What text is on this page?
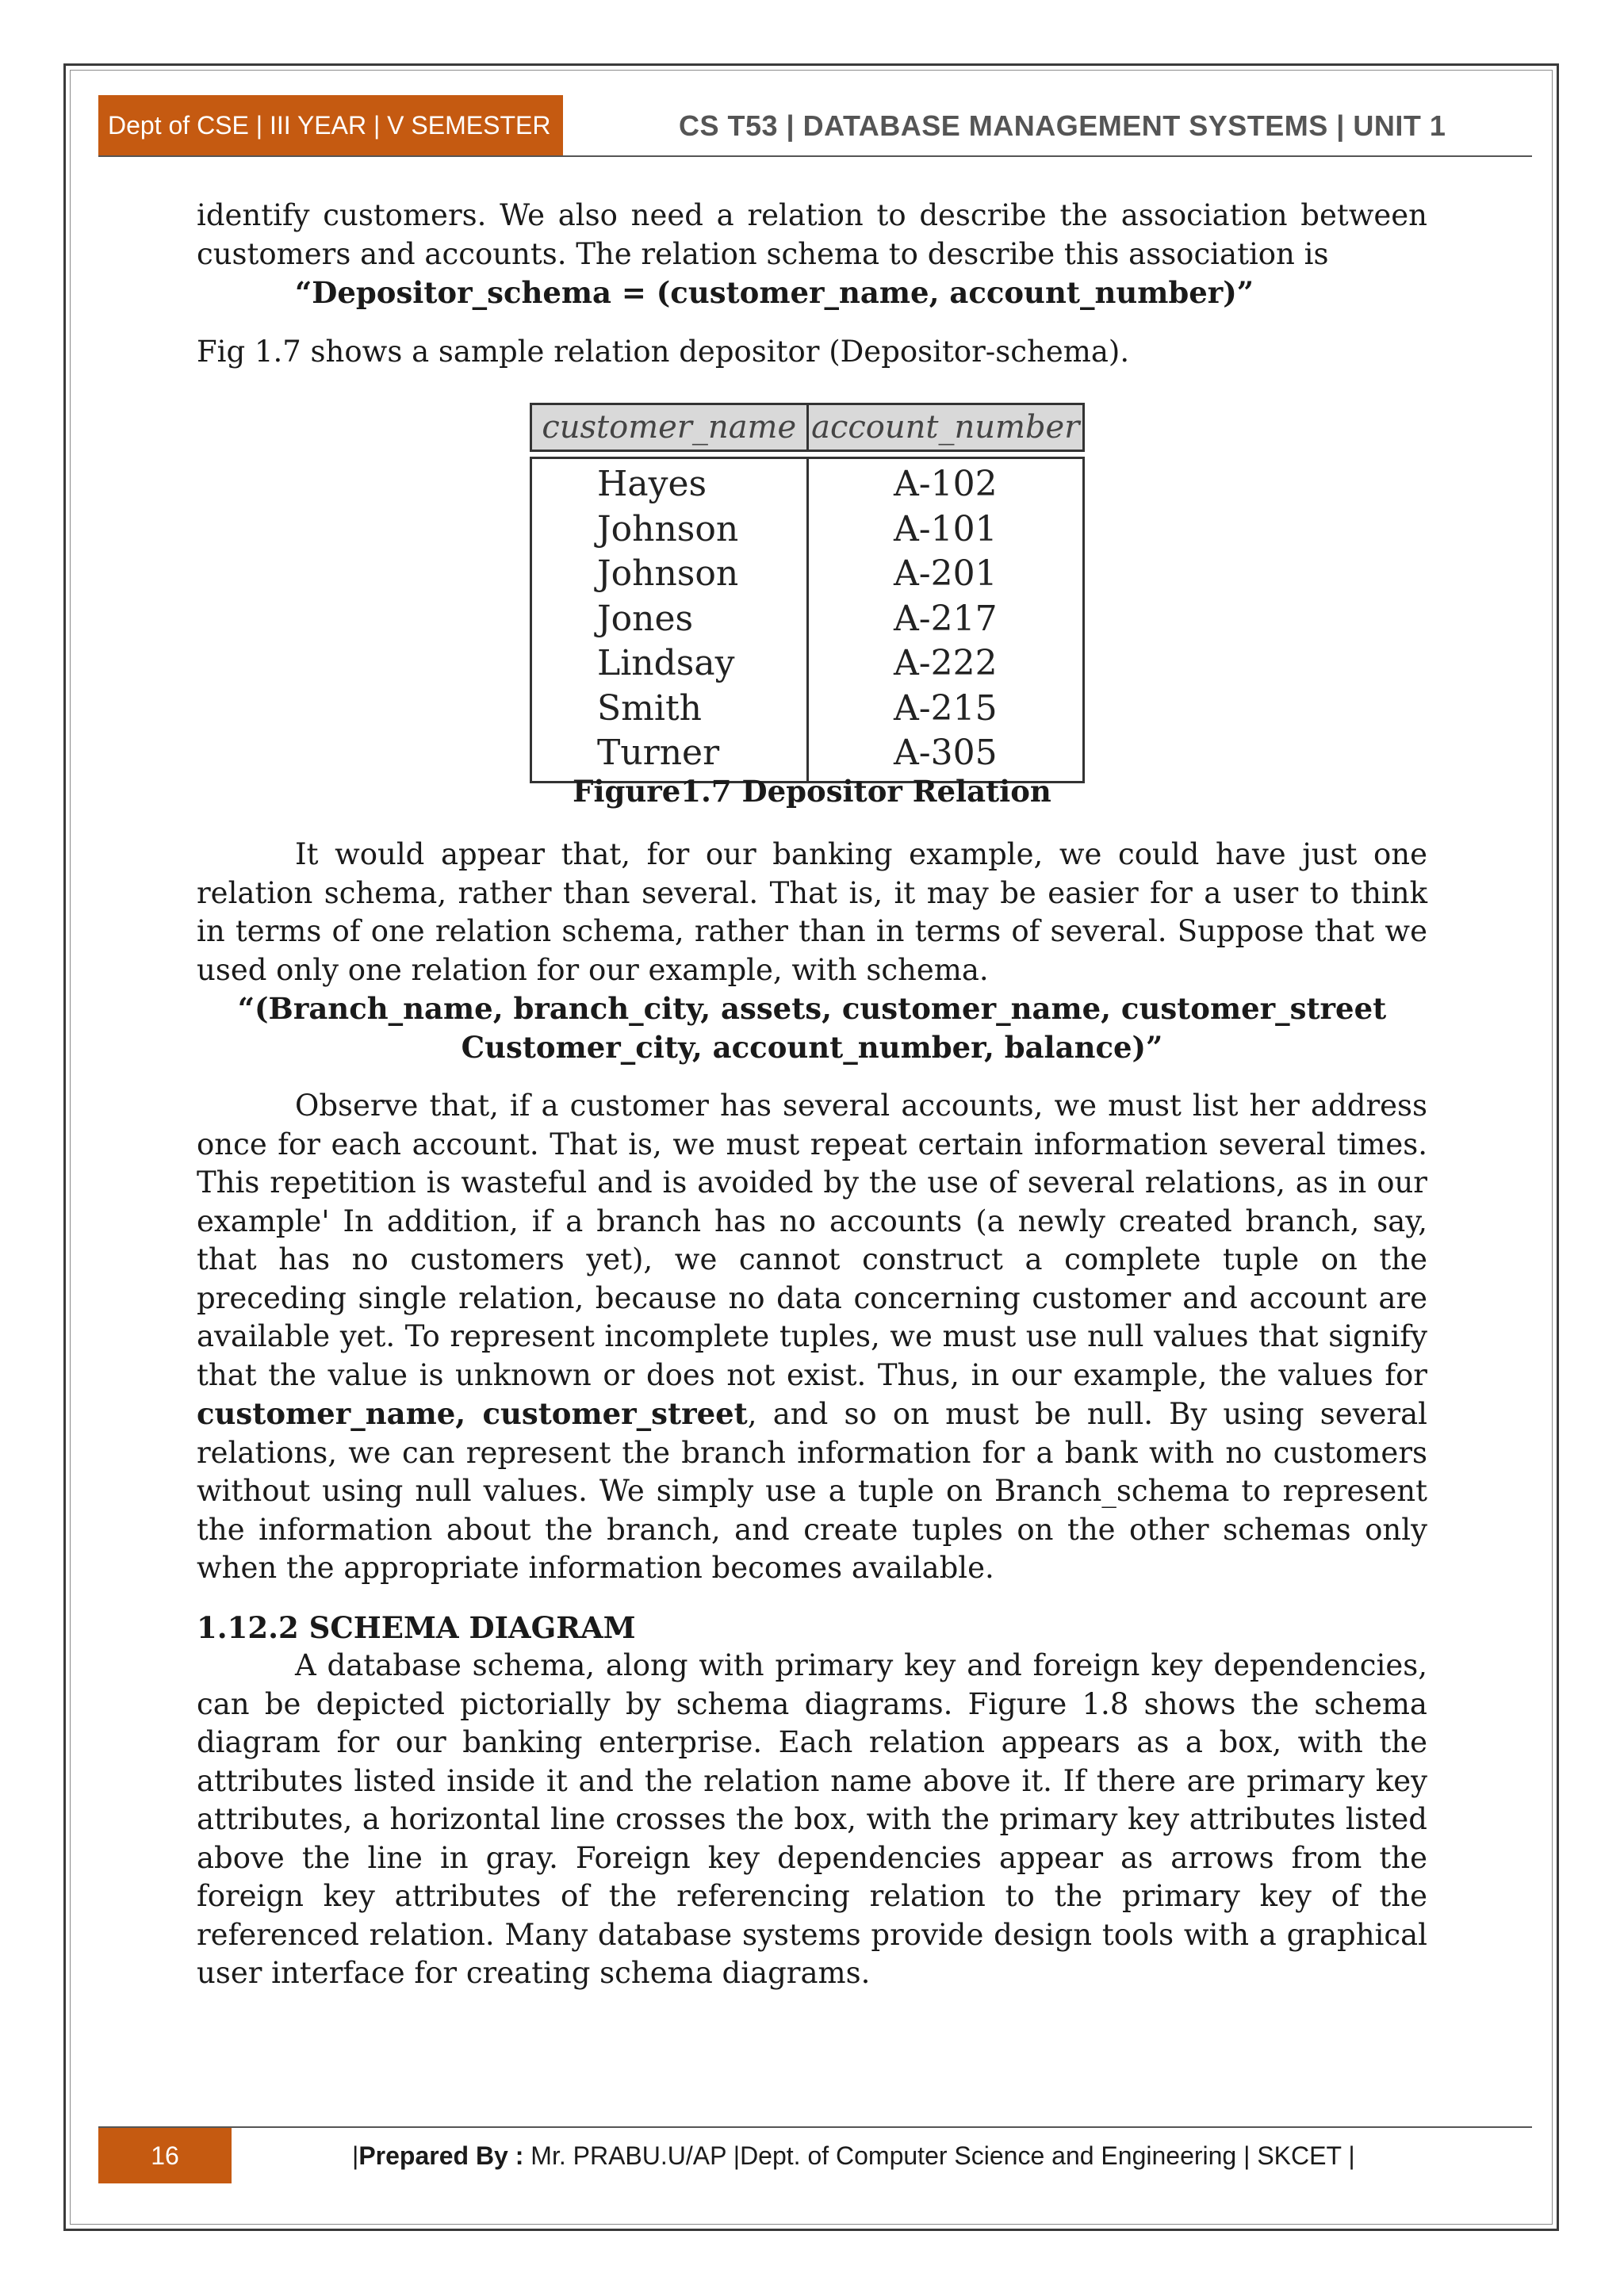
Dept of CSE | III YEAR | V SEMESTER	CS T53 | DATABASE MANAGEMENT SYSTEMS | UNIT 1

identify customers. We also need a relation to describe the association between customers and accounts. The relation schema to describe this association is

“Depositor_schema = (customer_name, account_number)”

Fig 1.7 shows a sample relation depositor (Depositor-schema).

customer_name account_number
Hayes
Johnson
Johnson
Jones
Lindsay
Smith
Turner
A-102
A-101
A-201
A-217
A-222
A-215
A-305
Figure1.7 Depositor Relation

It would appear that, for our banking example, we could have just one relation schema, rather than several. That is, it may be easier for a user to think in terms of one relation schema, rather than in terms of several. Suppose that we used only one relation for our example, with schema.

“(Branch_name, branch_city, assets, customer_name, customer_street
Customer_city, account_number, balance)”

Observe that, if a customer has several accounts, we must list her address once for each account. That is, we must repeat certain information several times. This repetition is wasteful and is avoided by the use of several relations, as in our example' In addition, if a branch has no accounts (a newly created branch, say, that has no customers yet), we cannot construct a complete tuple on the preceding single relation, because no data concerning customer and account are available yet. To represent incomplete tuples, we must use null values that signify that the value is unknown or does not exist. Thus, in our example, the values for customer_name, customer_street, and so on must be null. By using several relations, we can represent the branch information for a bank with no customers without using null values. We simply use a tuple on Branch_schema to represent the information about the branch, and create tuples on the other schemas only when the appropriate information becomes available.

1.12.2 SCHEMA DIAGRAM

A database schema, along with primary key and foreign key dependencies, can be depicted pictorially by schema diagrams. Figure 1.8 shows the schema diagram for our banking enterprise. Each relation appears as a box, with the attributes listed inside it and the relation name above it. If there are primary key attributes, a horizontal line crosses the box, with the primary key attributes listed above the line in gray. Foreign key dependencies appear as arrows from the foreign key attributes of the referencing relation to the primary key of the referenced relation. Many database systems provide design tools with a graphical user interface for creating schema diagrams.

16	|Prepared By : Mr. PRABU.U/AP |Dept. of Computer Science and Engineering | SKCET |
